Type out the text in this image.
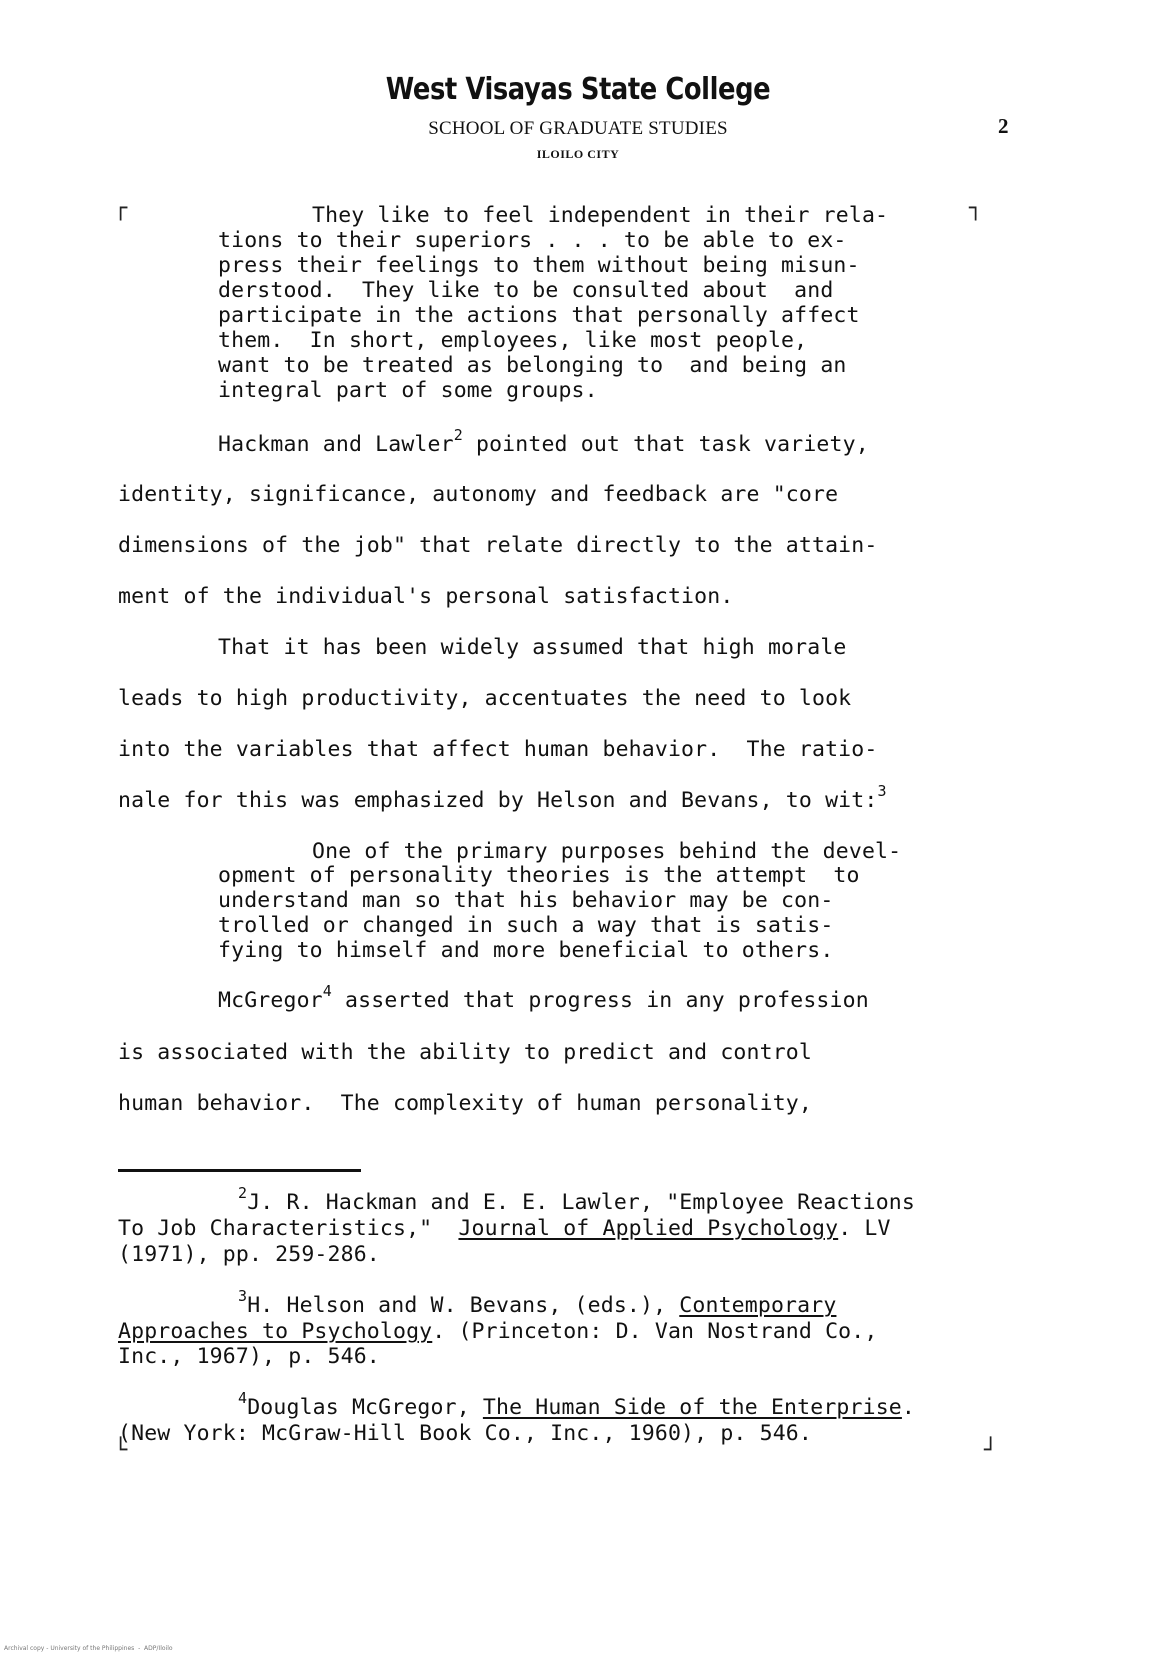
West Visayas State College
SCHOOL OF GRADUATE STUDIES
ILOILO CITY
2
┌	┐
└	┘
They like to feel independent in their rela-
tions to their superiors . . . to be able to ex-
press their feelings to them without being misun-
derstood.  They like to be consulted about  and
participate in the actions that personally affect
them.  In short, employees, like most people,
want to be treated as belonging to  and being an
integral part of some groups.
Hackman and Lawler$^2$ pointed out that task variety,
identity, significance, autonomy and feedback are "core
dimensions of the job" that relate directly to the attain-
ment of the individual's personal satisfaction.
That it has been widely assumed that high morale
leads to high productivity, accentuates the need to look
into the variables that affect human behavior.  The ratio-
nale for this was emphasized by Helson and Bevans, to wit:$^3$
One of the primary purposes behind the devel-
opment of personality theories is the attempt  to
understand man so that his behavior may be con-
trolled or changed in such a way that is satis-
fying to himself and more beneficial to others.
McGregor$^4$ asserted that progress in any profession
is associated with the ability to predict and control
human behavior.  The complexity of human personality,
$^2$J. R. Hackman and E. E. Lawler, "Employee Reactions
To Job Characteristics,"  Journal of Applied Psychology. LV
(1971), pp. 259-286.
$^3$H. Helson and W. Bevans, (eds.), Contemporary
Approaches to Psychology. (Princeton: D. Van Nostrand Co.,
Inc., 1967), p. 546.
$^4$Douglas McGregor, The Human Side of the Enterprise.
(New York: McGraw-Hill Book Co., Inc., 1960), p. 546.
Archival copy - University of the Philippines  -  ADP/Iloilo
